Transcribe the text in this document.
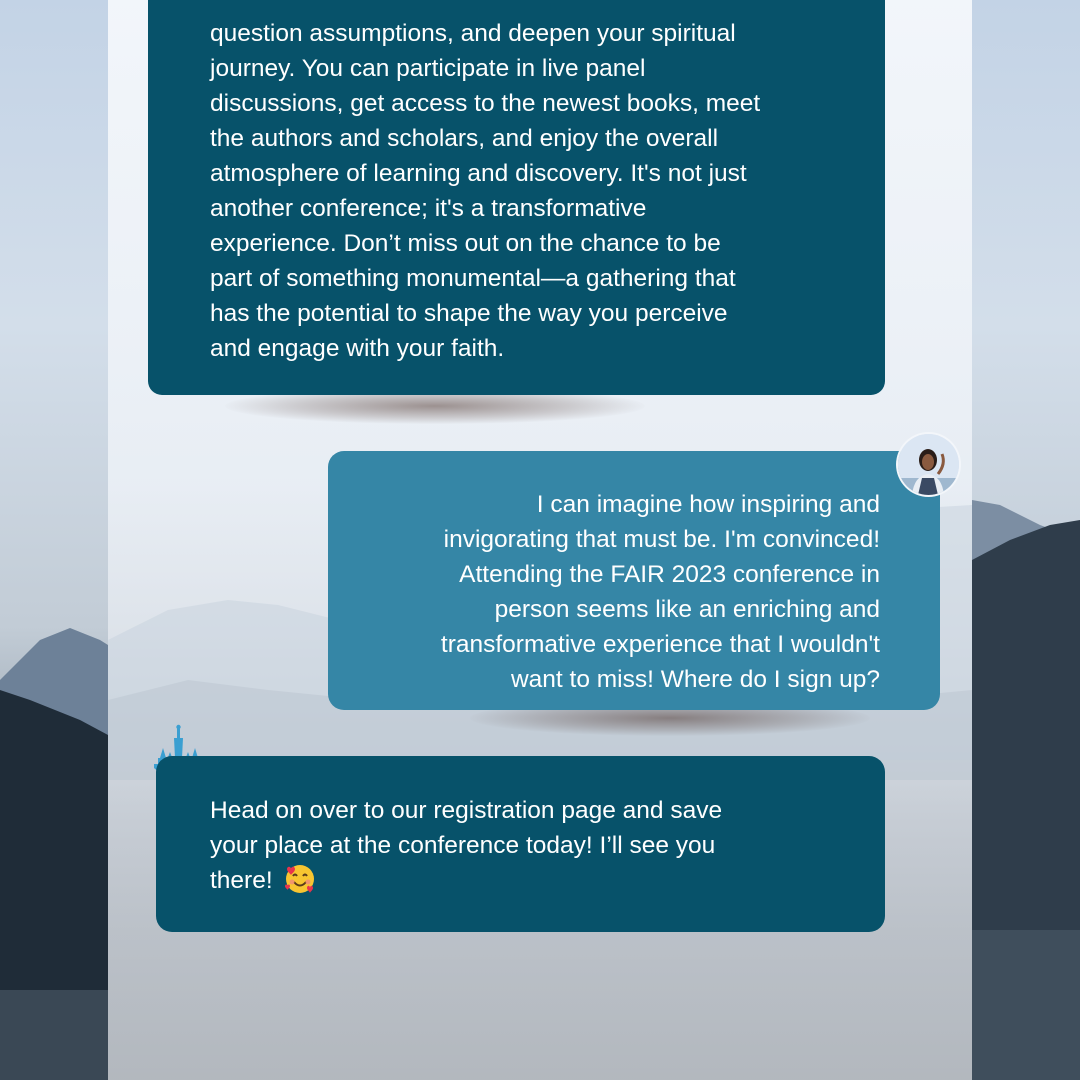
question assumptions, and deepen your spiritual
journey. You can participate in live panel
discussions, get access to the newest books, meet
the authors and scholars, and enjoy the overall
atmosphere of learning and discovery. It's not just
another conference; it's a transformative
experience. Don’t miss out on the chance to be
part of something monumental—a gathering that
has the potential to shape the way you perceive
and engage with your faith.
I can imagine how inspiring and
invigorating that must be. I'm convinced!
Attending the FAIR 2023 conference in
person seems like an enriching and
transformative experience that I wouldn't
want to miss! Where do I sign up?
Head on over to our registration page and save
your place at the conference today! I’ll see you
there!
